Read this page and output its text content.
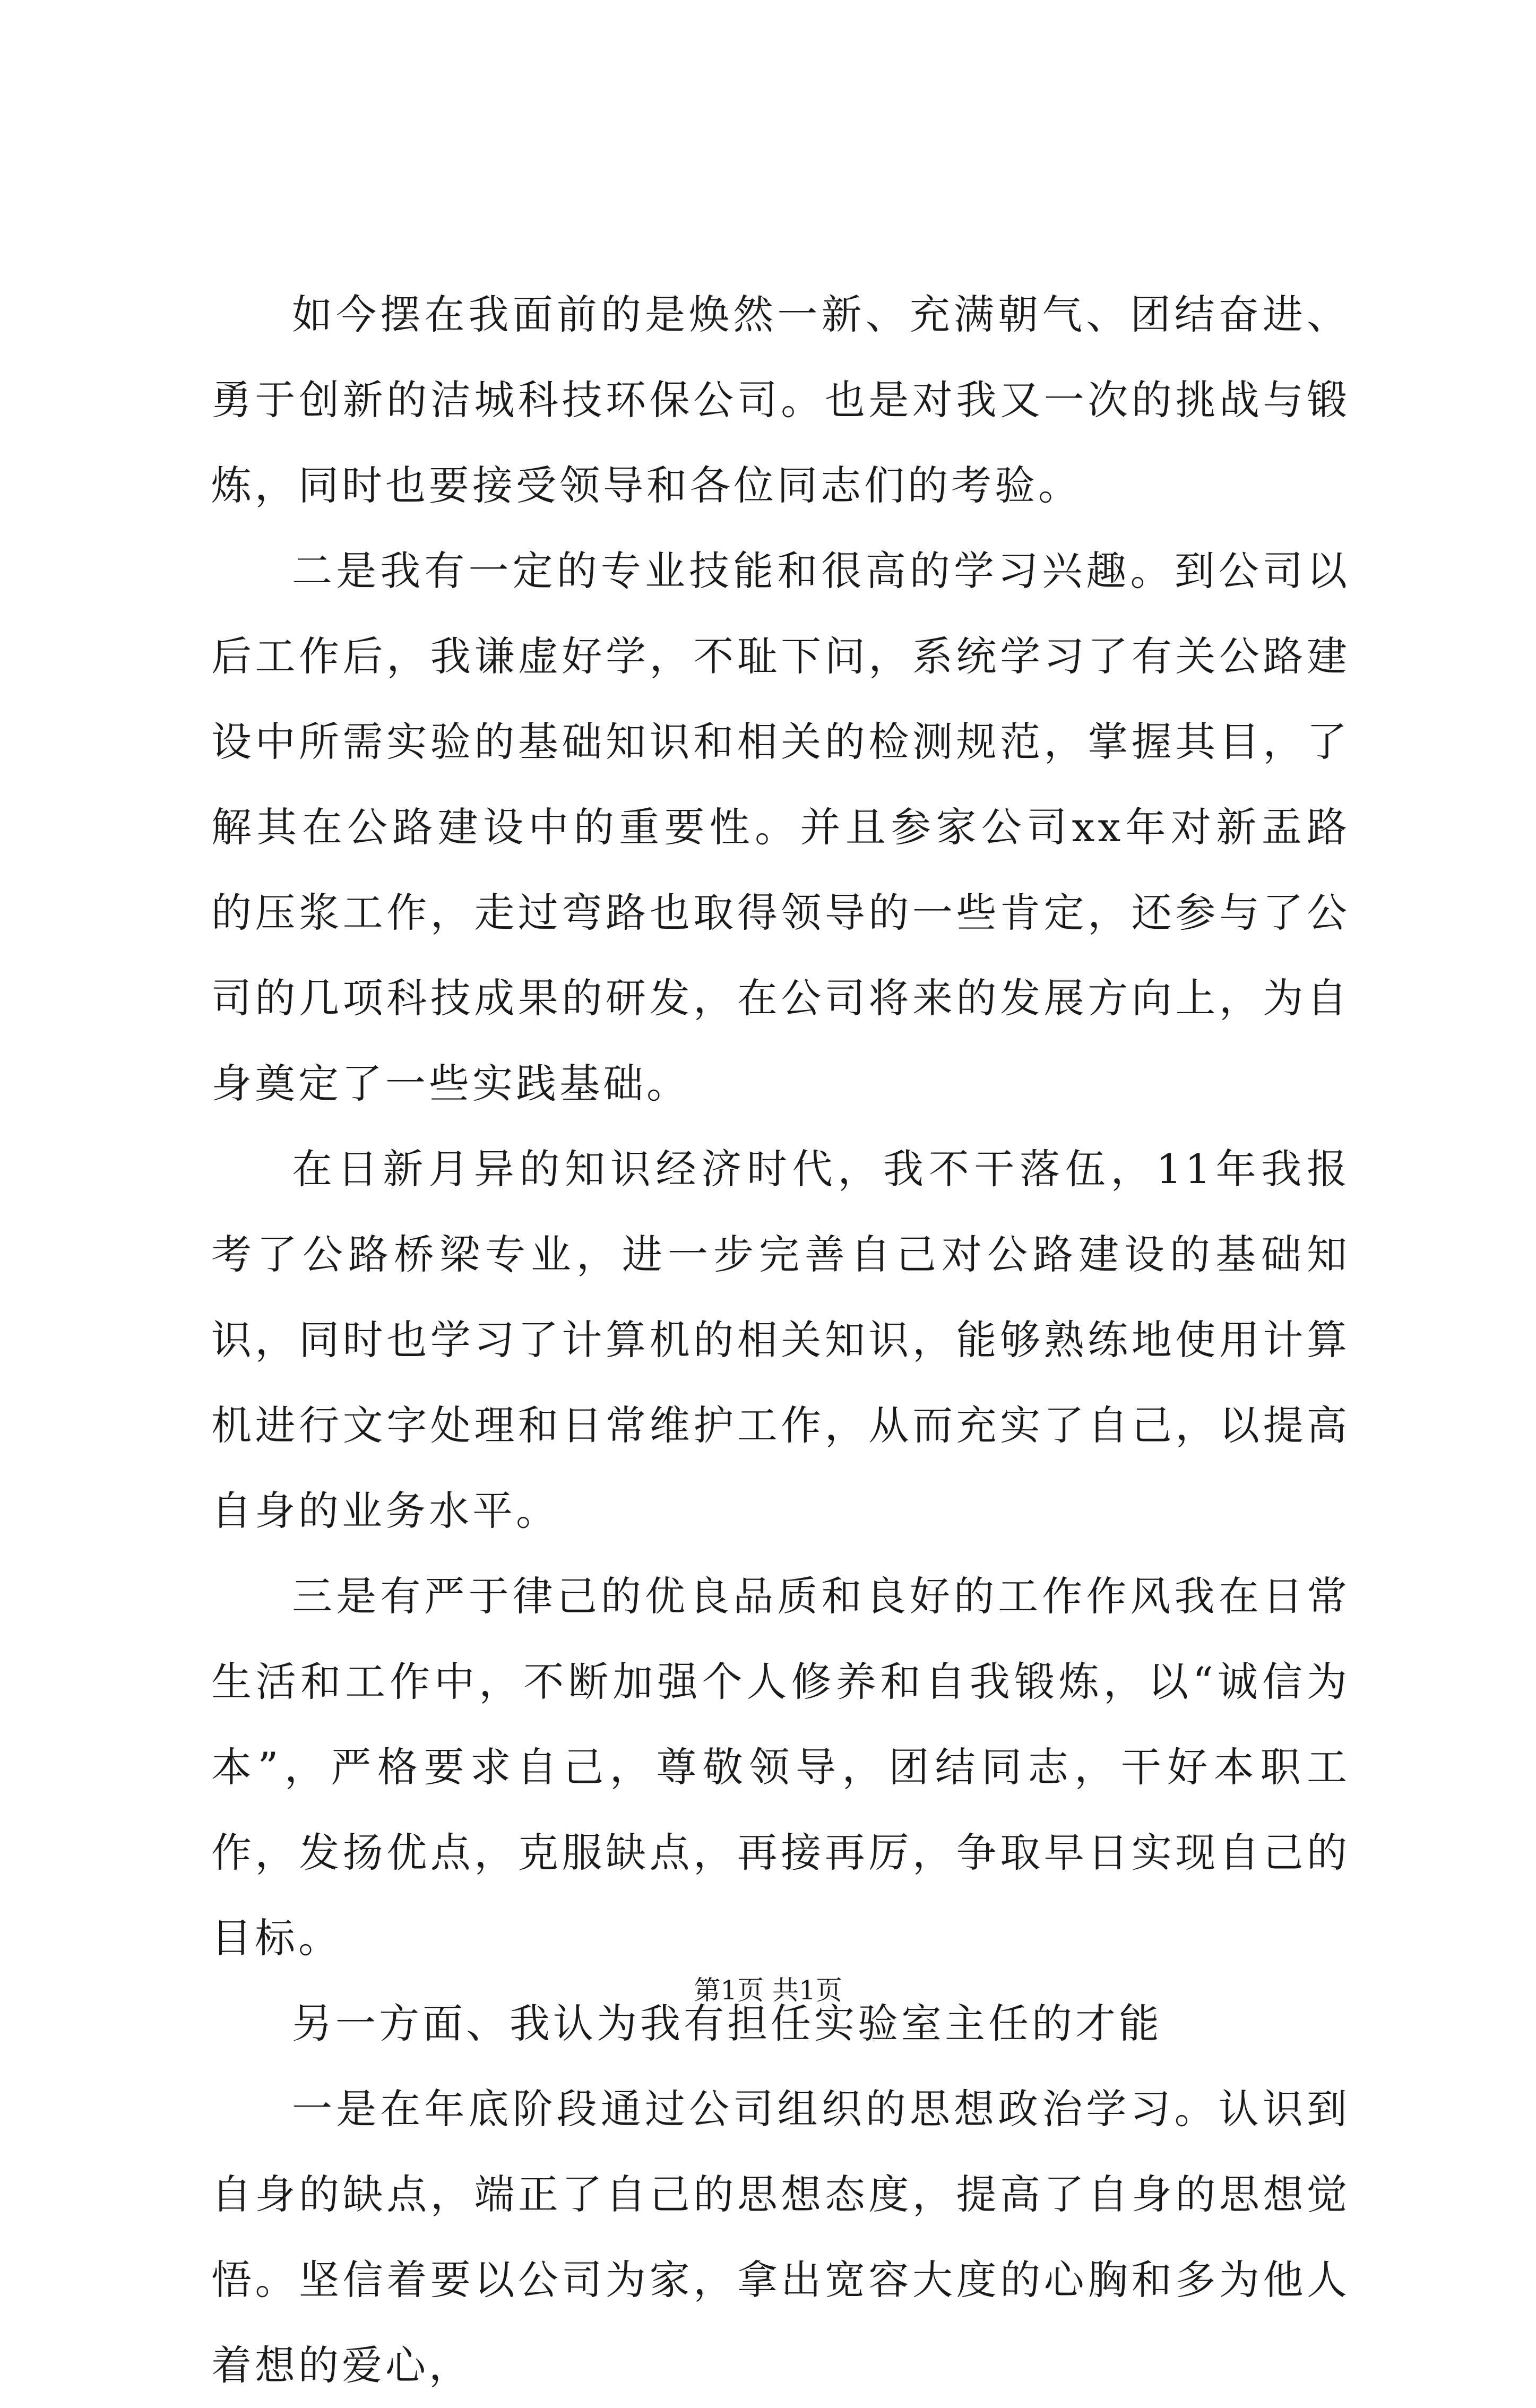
如今摆在我面前的是焕然一新、充满朝气、团结奋进、勇于创新的洁城科技环保公司。也是对我又一次的挑战与锻炼，同时也要接受领导和各位同志们的考验。

二是我有一定的专业技能和很高的学习兴趣。到公司以后工作后，我谦虚好学，不耻下问，系统学习了有关公路建设中所需实验的基础知识和相关的检测规范，掌握其目，了解其在公路建设中的重要性。并且参家公司xx年对新盂路的压浆工作，走过弯路也取得领导的一些肯定，还参与了公司的几项科技成果的研发，在公司将来的发展方向上，为自身奠定了一些实践基础。

在日新月异的知识经济时代，我不干落伍，11年我报考了公路桥梁专业，进一步完善自己对公路建设的基础知识，同时也学习了计算机的相关知识，能够熟练地使用计算机进行文字处理和日常维护工作，从而充实了自己，以提高自身的业务水平。

三是有严于律己的优良品质和良好的工作作风我在日常生活和工作中，不断加强个人修养和自我锻炼，以“诚信为本”，严格要求自己，尊敬领导，团结同志，干好本职工作，发扬优点，克服缺点，再接再厉，争取早日实现自己的目标。

另一方面、我认为我有担任实验室主任的才能

一是在年底阶段通过公司组织的思想政治学习。认识到自身的缺点，端正了自己的思想态度，提高了自身的思想觉悟。坚信着要以公司为家，拿出宽容大度的心胸和多为他人着想的爱心，

第1页 共1页
